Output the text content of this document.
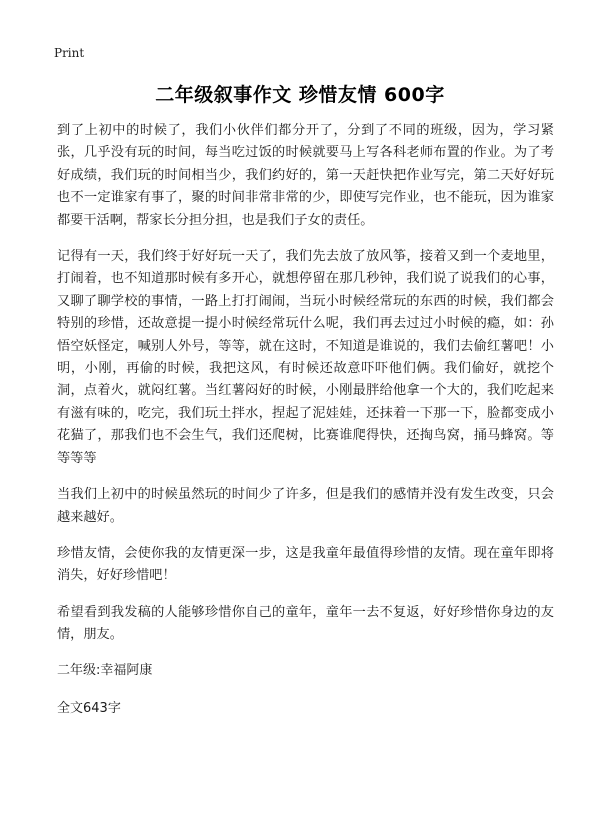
Print
二年级叙事作文 珍惜友情 600字

到了上初中的时候了，我们小伙伴们都分开了，分到了不同的班级，因为，学习紧张，几乎没有玩的时间，每当吃过饭的时候就要马上写各科老师布置的作业。为了考好成绩，我们玩的时间相当少，我们约好的，第一天赶快把作业写完，第二天好好玩也不一定谁家有事了，聚的时间非常非常的少，即使写完作业，也不能玩，因为谁家都要干活啊，帮家长分担分担，也是我们子女的责任。

记得有一天，我们终于好好玩一天了，我们先去放了放风筝，接着又到一个麦地里，打闹着，也不知道那时候有多开心，就想停留在那几秒钟，我们说了说我们的心事，又聊了聊学校的事情，一路上打打闹闹，当玩小时候经常玩的东西的时候，我们都会特别的珍惜，还故意提一提小时候经常玩什么呢，我们再去过过小时候的瘾，如：孙悟空妖怪定，喊别人外号，等等，就在这时，不知道是谁说的，我们去偷红薯吧！小明，小刚，再偷的时候，我把这风，有时候还故意吓吓他们俩。我们偷好，就挖个洞，点着火，就闷红薯。当红薯闷好的时候，小刚最胖给他拿一个大的，我们吃起来有滋有味的，吃完，我们玩土拌水，捏起了泥娃娃，还抹着一下那一下，脸都变成小花猫了，那我们也不会生气，我们还爬树，比赛谁爬得快，还掏鸟窝，捅马蜂窝。等等等等

当我们上初中的时候虽然玩的时间少了许多，但是我们的感情并没有发生改变，只会越来越好。

珍惜友情，会使你我的友情更深一步，这是我童年最值得珍惜的友情。现在童年即将消失，好好珍惜吧！

希望看到我发稿的人能够珍惜你自己的童年，童年一去不复返，好好珍惜你身边的友情，朋友。

二年级:幸福阿康
全文643字
